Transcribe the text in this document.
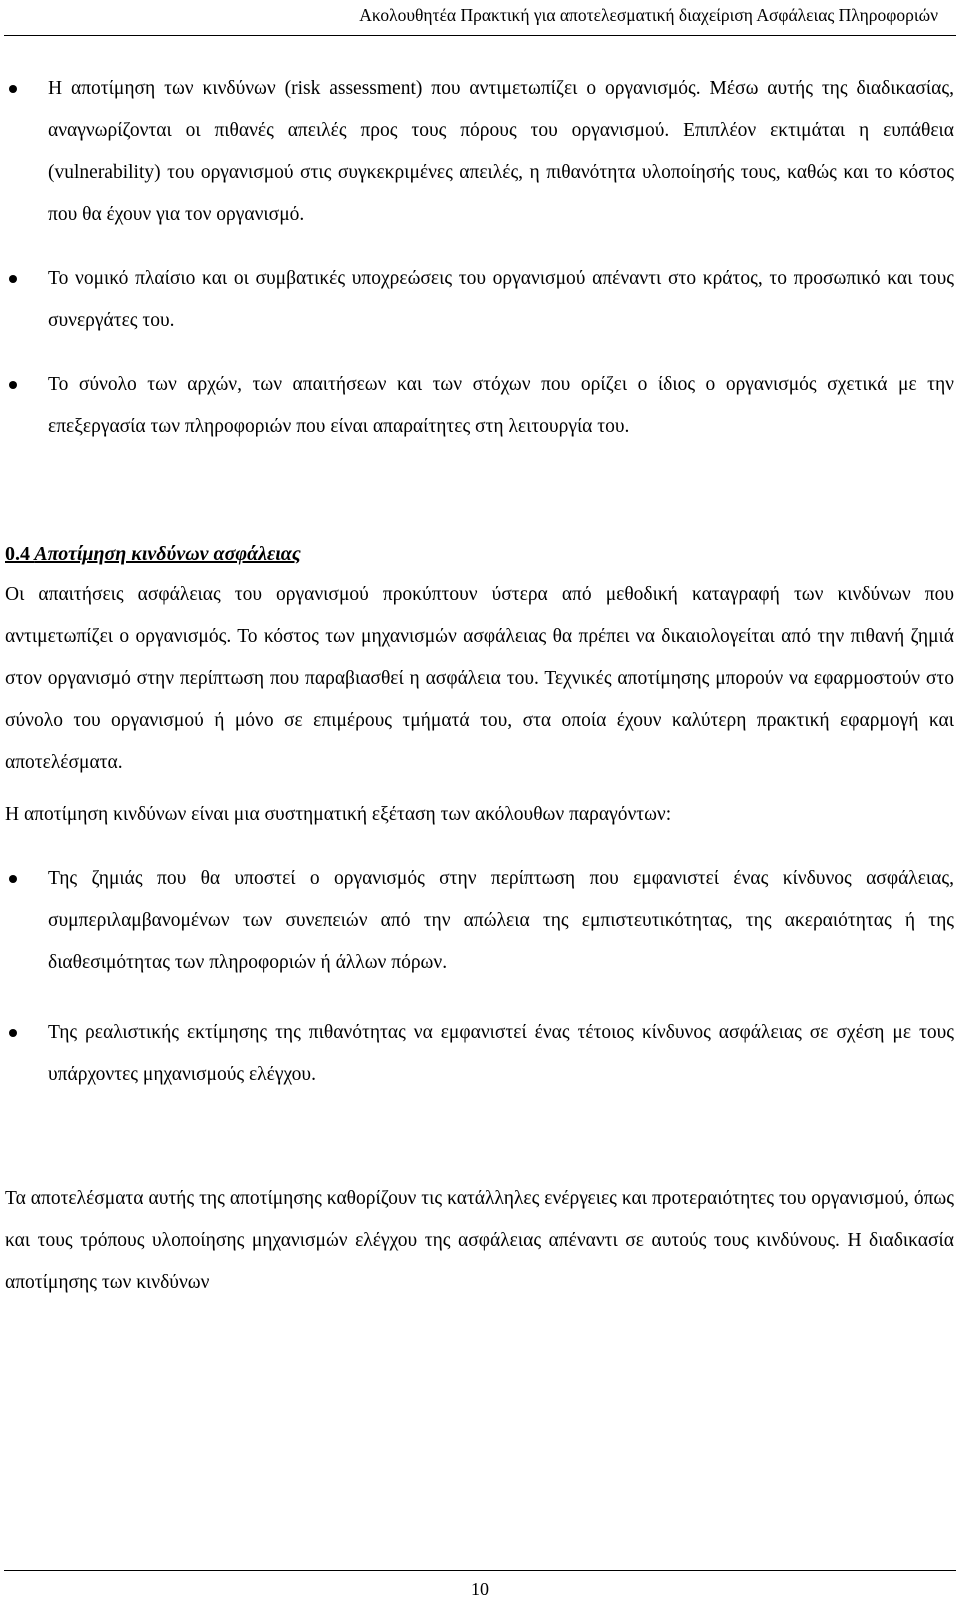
Ακολουθητέα Πρακτική για αποτελεσματική διαχείριση Ασφάλειας Πληροφοριών
Η αποτίμηση των κινδύνων (risk assessment) που αντιμετωπίζει ο οργανισμός. Μέσω αυτής της διαδικασίας, αναγνωρίζονται οι πιθανές απειλές προς τους πόρους του οργανισμού. Επιπλέον εκτιμάται η ευπάθεια (vulnerability) του οργανισμού στις συγκεκριμένες απειλές, η πιθανότητα υλοποίησής τους, καθώς και το κόστος που θα έχουν για τον οργανισμό.
Το νομικό πλαίσιο και οι συμβατικές υποχρεώσεις του οργανισμού απέναντι στο κράτος, το προσωπικό και τους συνεργάτες του.
Το σύνολο των αρχών, των απαιτήσεων και των στόχων που ορίζει ο ίδιος ο οργανισμός σχετικά με την επεξεργασία των πληροφοριών που είναι απαραίτητες στη λειτουργία του.
0.4 Αποτίμηση κινδύνων ασφάλειας
Οι απαιτήσεις ασφάλειας του οργανισμού προκύπτουν ύστερα από μεθοδική καταγραφή των κινδύνων που αντιμετωπίζει ο οργανισμός. Το κόστος των μηχανισμών ασφάλειας θα πρέπει να δικαιολογείται από την πιθανή ζημιά στον οργανισμό στην περίπτωση που παραβιασθεί η ασφάλεια του. Τεχνικές αποτίμησης μπορούν να εφαρμοστούν στο σύνολο του οργανισμού ή μόνο σε επιμέρους τμήματά του, στα οποία έχουν καλύτερη πρακτική εφαρμογή και αποτελέσματα.
Η αποτίμηση κινδύνων είναι μια συστηματική εξέταση των ακόλουθων παραγόντων:
Της ζημιάς που θα υποστεί ο οργανισμός στην περίπτωση που εμφανιστεί ένας κίνδυνος ασφάλειας, συμπεριλαμβανομένων των συνεπειών από την απώλεια της εμπιστευτικότητας, της ακεραιότητας ή της διαθεσιμότητας των πληροφοριών ή άλλων πόρων.
Της ρεαλιστικής εκτίμησης της πιθανότητας να εμφανιστεί ένας τέτοιος κίνδυνος ασφάλειας σε σχέση με τους υπάρχοντες μηχανισμούς ελέγχου.
Τα αποτελέσματα αυτής της αποτίμησης καθορίζουν τις κατάλληλες ενέργειες και προτεραιότητες του οργανισμού, όπως και τους τρόπους υλοποίησης μηχανισμών ελέγχου της ασφάλειας απέναντι σε αυτούς τους κινδύνους. Η διαδικασία αποτίμησης των κινδύνων
10
